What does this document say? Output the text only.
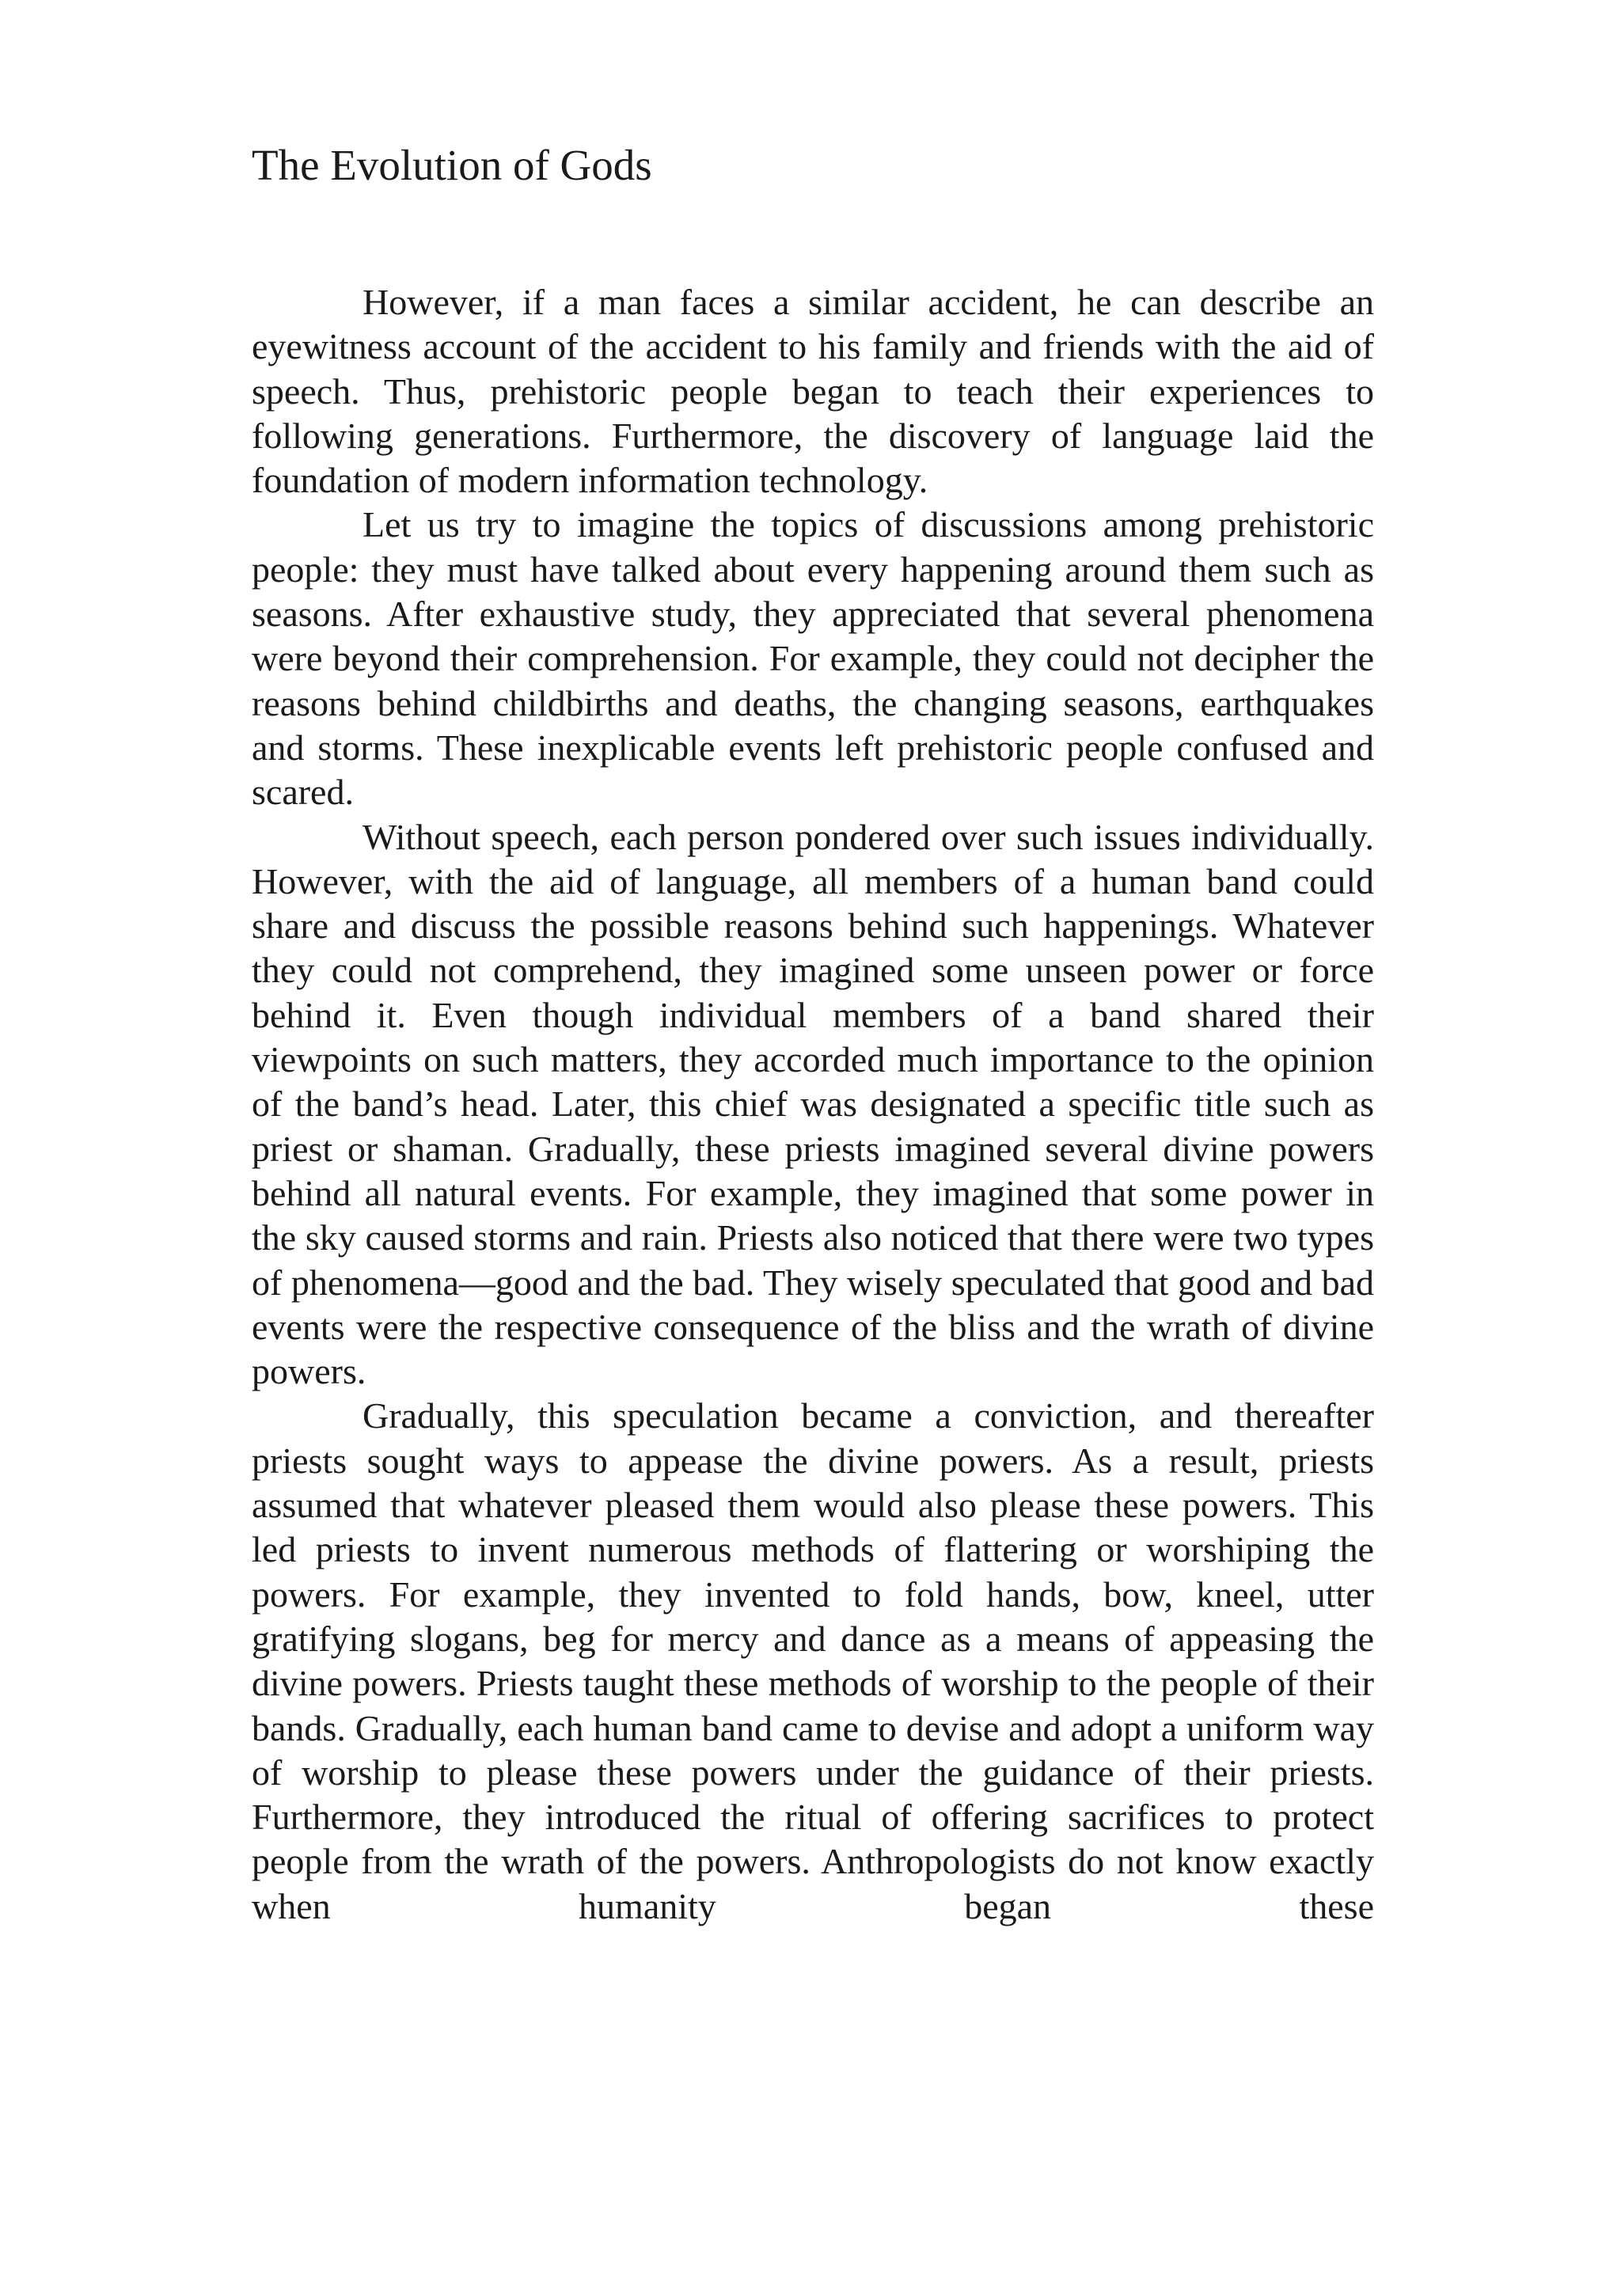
The Evolution of Gods

However, if a man faces a similar accident, he can describe an eyewitness account of the accident to his family and friends with the aid of speech. Thus, prehistoric people began to teach their experiences to following generations. Furthermore, the discovery of language laid the foundation of modern information technology.

Let us try to imagine the topics of discussions among prehistoric people: they must have talked about every happening around them such as seasons. After exhaustive study, they appreciated that several phenomena were beyond their comprehension. For example, they could not decipher the reasons behind childbirths and deaths, the changing seasons, earthquakes and storms. These inexplicable events left prehistoric people confused and scared.

Without speech, each person pondered over such issues individually. However, with the aid of language, all members of a human band could share and discuss the possible reasons behind such happenings. Whatever they could not comprehend, they imagined some unseen power or force behind it. Even though individual members of a band shared their viewpoints on such matters, they accorded much importance to the opinion of the band’s head. Later, this chief was designated a specific title such as priest or shaman. Gradually, these priests imagined several divine powers behind all natural events. For example, they imagined that some power in the sky caused storms and rain. Priests also noticed that there were two types of phenomena—good and the bad. They wisely speculated that good and bad events were the respective consequence of the bliss and the wrath of divine powers.

Gradually, this speculation became a conviction, and thereafter priests sought ways to appease the divine powers. As a result, priests assumed that whatever pleased them would also please these powers. This led priests to invent numerous methods of flattering or worshiping the powers. For example, they invented to fold hands, bow, kneel, utter gratifying slogans, beg for mercy and dance as a means of appeasing the divine powers. Priests taught these methods of worship to the people of their bands. Gradually, each human band came to devise and adopt a uniform way of worship to please these powers under the guidance of their priests. Furthermore, they introduced the ritual of offering sacrifices to protect people from the wrath of the powers. Anthropologists do not know exactly when humanity began these
